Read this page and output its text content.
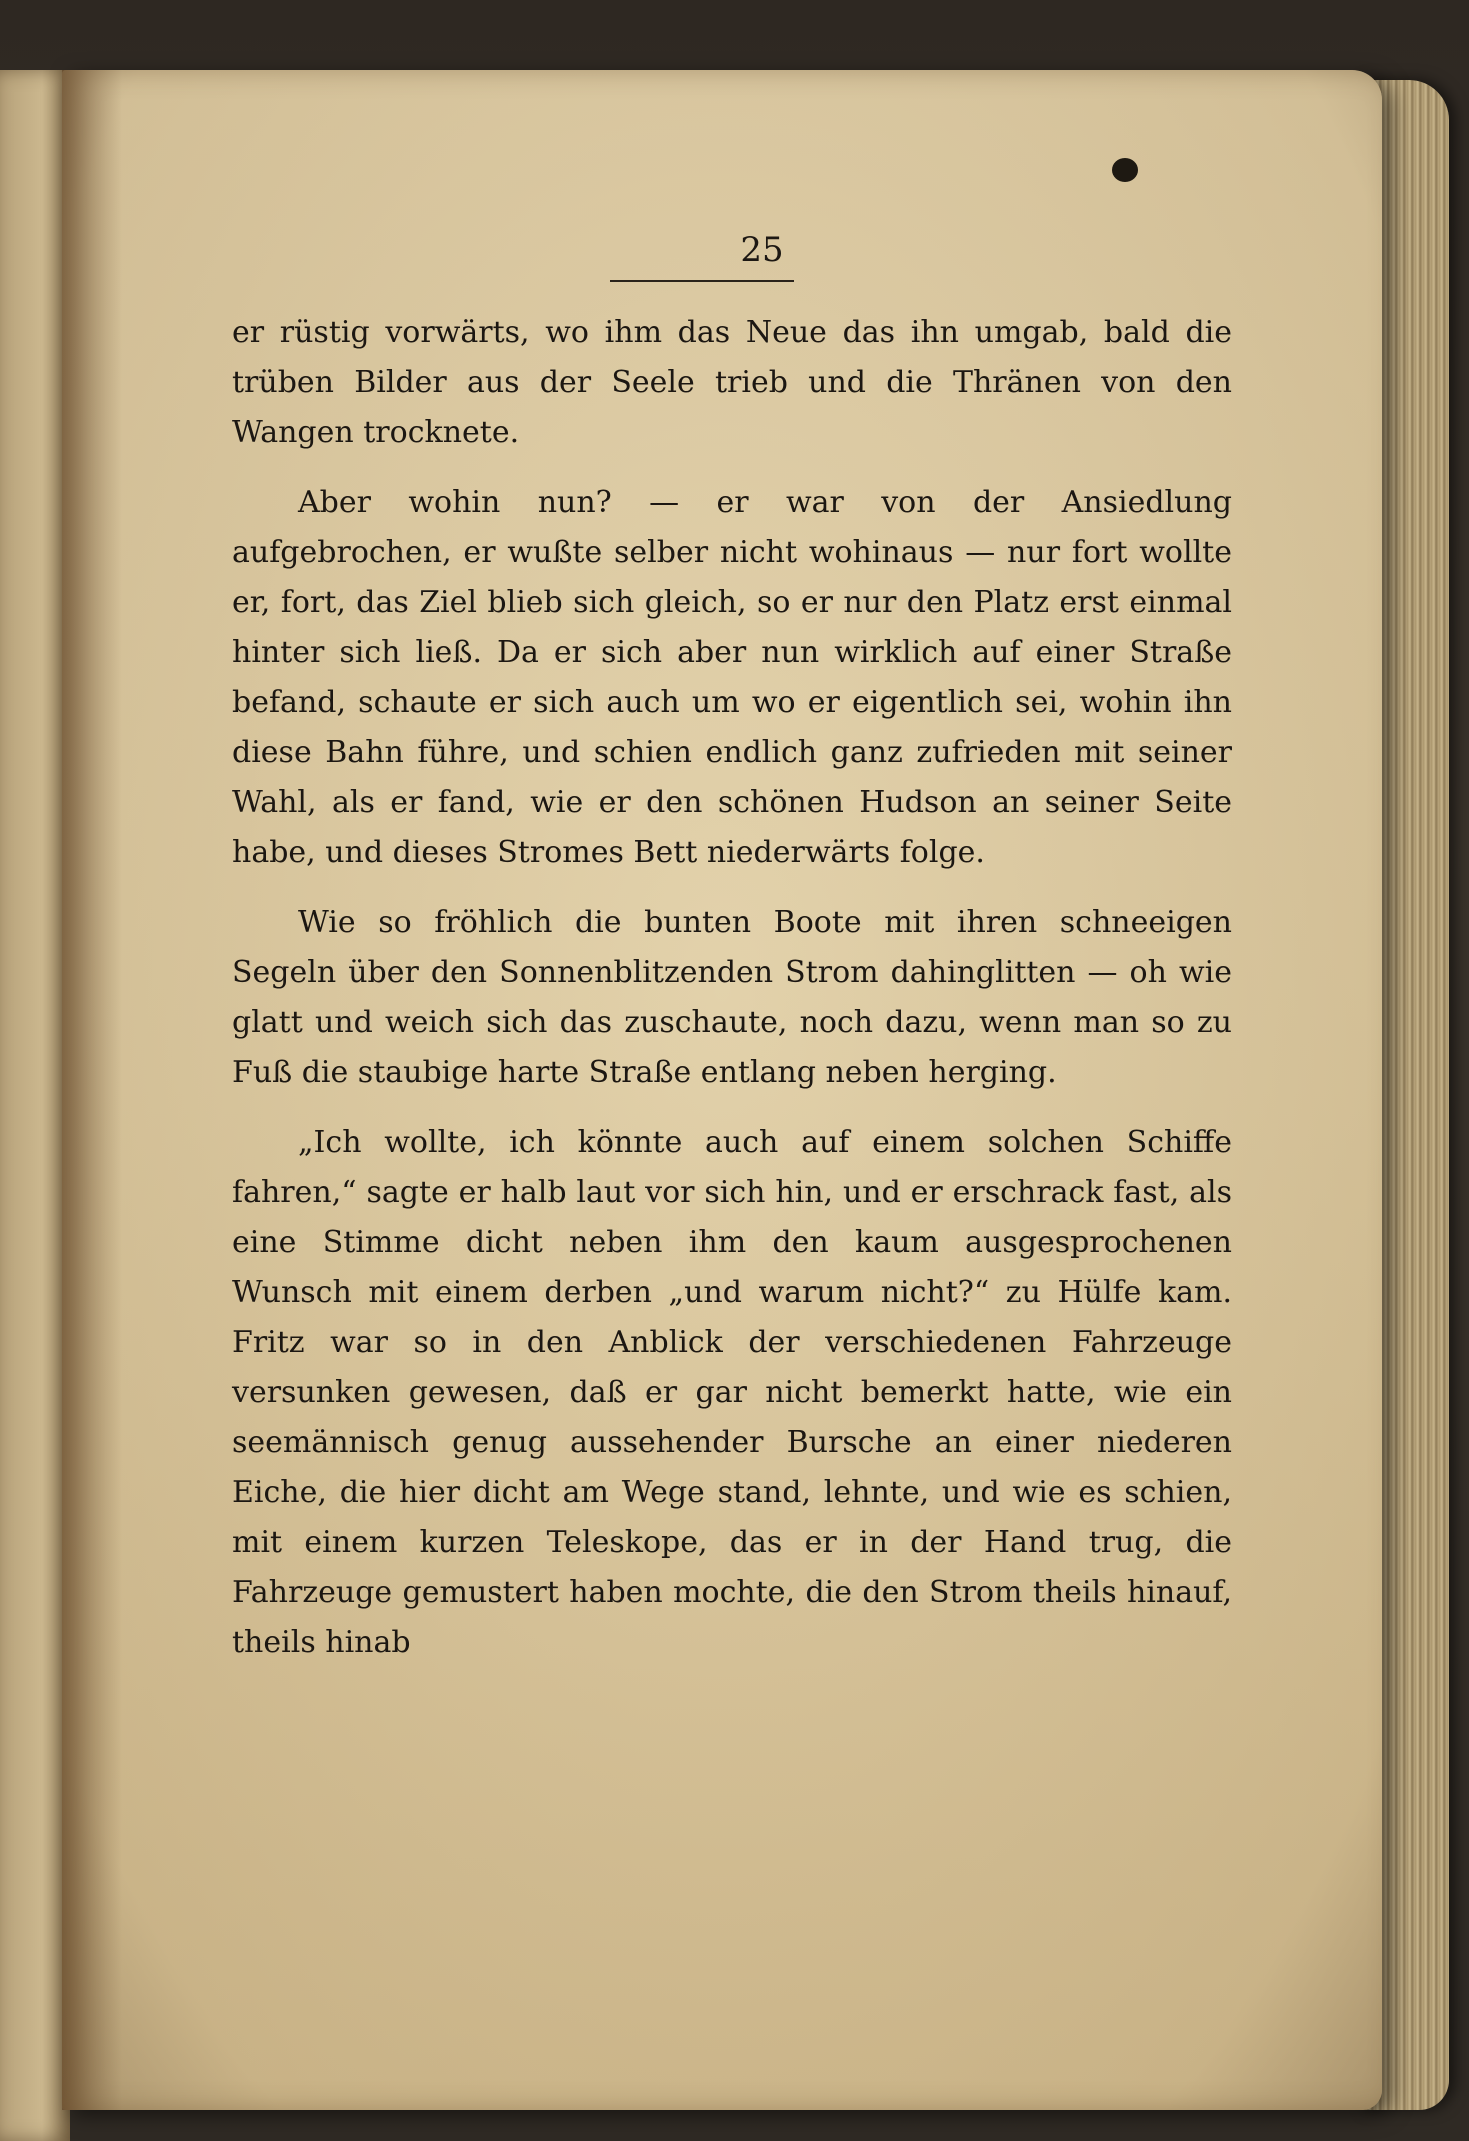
25

er rüstig vorwärts, wo ihm das Neue das ihn umgab, bald die trüben Bilder aus der Seele trieb und die Thränen von den Wangen trocknete.

Aber wohin nun? — er war von der Ansiedlung aufgebrochen, er wußte selber nicht wohinaus — nur fort wollte er, fort, das Ziel blieb sich gleich, so er nur den Platz erst einmal hinter sich ließ. Da er sich aber nun wirklich auf einer Straße befand, schaute er sich auch um wo er eigentlich sei, wohin ihn diese Bahn führe, und schien endlich ganz zufrieden mit seiner Wahl, als er fand, wie er den schönen Hudson an seiner Seite habe, und dieses Stromes Bett niederwärts folge.

Wie so fröhlich die bunten Boote mit ihren schneeigen Segeln über den Sonnenblitzenden Strom dahinglitten — oh wie glatt und weich sich das zuschaute, noch dazu, wenn man so zu Fuß die staubige harte Straße entlang neben herging.

„Ich wollte, ich könnte auch auf einem solchen Schiffe fahren,“ sagte er halb laut vor sich hin, und er erschrack fast, als eine Stimme dicht neben ihm den kaum ausgesprochenen Wunsch mit einem derben „und warum nicht?“ zu Hülfe kam. Fritz war so in den Anblick der verschiedenen Fahrzeuge versunken gewesen, daß er gar nicht bemerkt hatte, wie ein seemännisch genug aussehender Bursche an einer niederen Eiche, die hier dicht am Wege stand, lehnte, und wie es schien, mit einem kurzen Teleskope, das er in der Hand trug, die Fahrzeuge gemustert haben mochte, die den Strom theils hinauf, theils hinab
